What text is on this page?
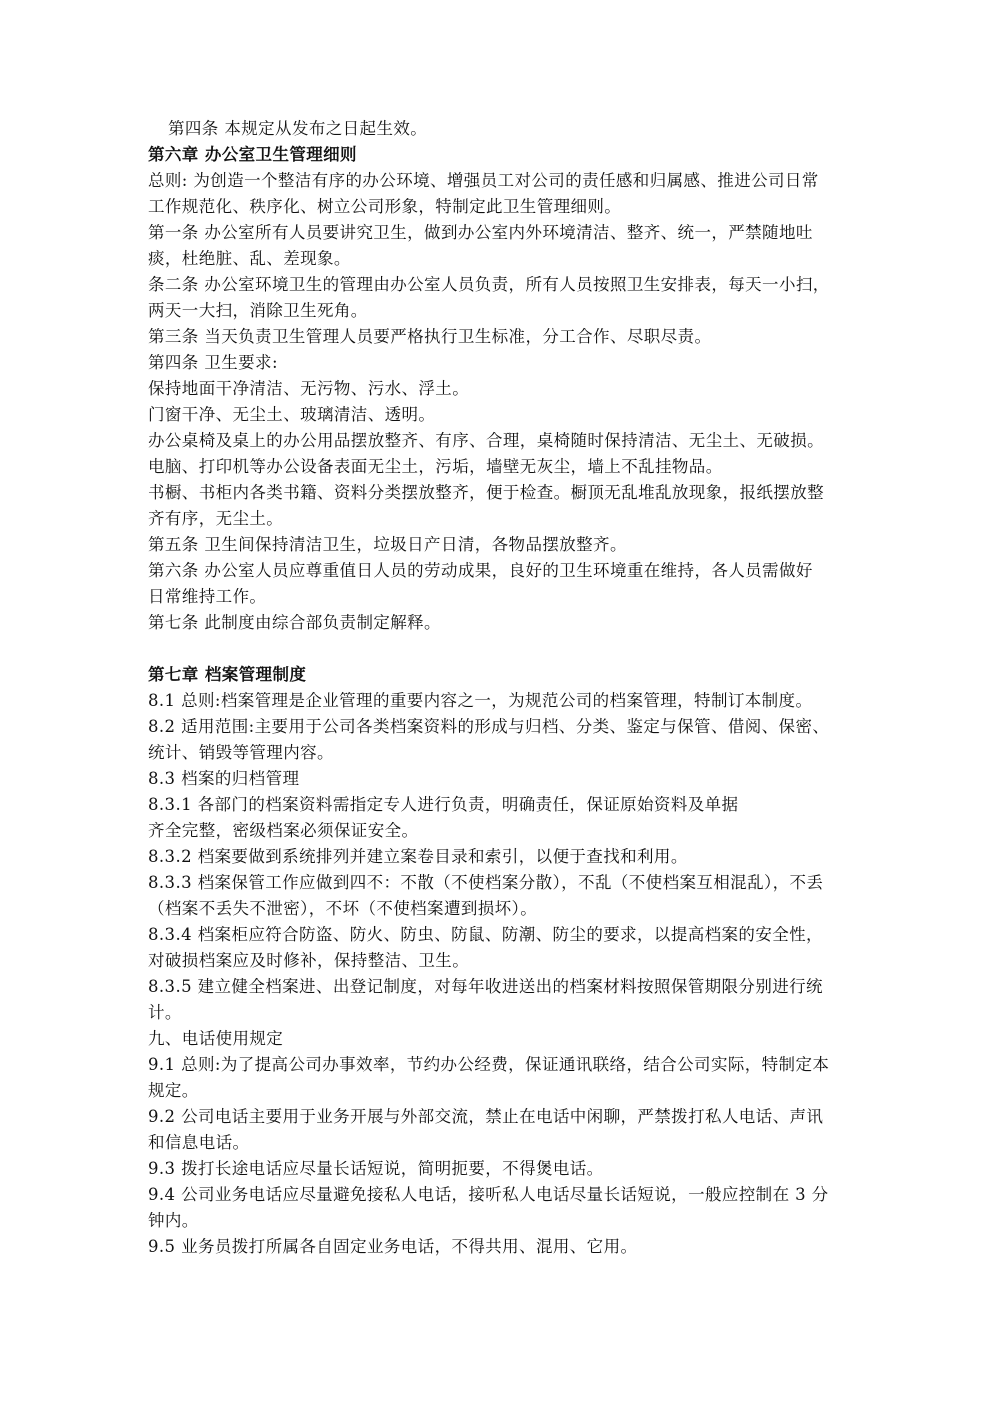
第四条 本规定从发布之日起生效。
第六章 办公室卫生管理细则
总则: 为创造一个整洁有序的办公环境、增强员工对公司的责任感和归属感、推进公司日常
工作规范化、秩序化、树立公司形象，特制定此卫生管理细则。
第一条 办公室所有人员要讲究卫生，做到办公室内外环境清洁、整齐、统一，严禁随地吐
痰，杜绝脏、乱、差现象。
条二条 办公室环境卫生的管理由办公室人员负责，所有人员按照卫生安排表，每天一小扫，
两天一大扫，消除卫生死角。
第三条 当天负责卫生管理人员要严格执行卫生标准，分工合作、尽职尽责。
第四条 卫生要求:
保持地面干净清洁、无污物、污水、浮土。
门窗干净、无尘土、玻璃清洁、透明。
办公桌椅及桌上的办公用品摆放整齐、有序、合理，桌椅随时保持清洁、无尘土、无破损。
电脑、打印机等办公设备表面无尘土，污垢，墙壁无灰尘，墙上不乱挂物品。
书橱、书柜内各类书籍、资料分类摆放整齐，便于检查。橱顶无乱堆乱放现象，报纸摆放整
齐有序，无尘土。
第五条 卫生间保持清洁卫生，垃圾日产日清，各物品摆放整齐。
第六条 办公室人员应尊重值日人员的劳动成果，良好的卫生环境重在维持，各人员需做好
日常维持工作。
第七条 此制度由综合部负责制定解释。
第七章 档案管理制度
8.1 总则:档案管理是企业管理的重要内容之一，为规范公司的档案管理，特制订本制度。
8.2 适用范围:主要用于公司各类档案资料的形成与归档、分类、鉴定与保管、借阅、保密、
统计、销毁等管理内容。
8.3 档案的归档管理
8.3.1 各部门的档案资料需指定专人进行负责，明确责任，保证原始资料及单据
齐全完整，密级档案必须保证安全。
8.3.2 档案要做到系统排列并建立案卷目录和索引，以便于查找和利用。
8.3.3 档案保管工作应做到四不：不散（不使档案分散），不乱（不使档案互相混乱），不丢
（档案不丢失不泄密），不坏（不使档案遭到损坏）。
8.3.4 档案柜应符合防盗、防火、防虫、防鼠、防潮、防尘的要求，以提高档案的安全性，
对破损档案应及时修补，保持整洁、卫生。
8.3.5 建立健全档案进、出登记制度，对每年收进送出的档案材料按照保管期限分别进行统
计。
九、电话使用规定
9.1 总则:为了提高公司办事效率，节约办公经费，保证通讯联络，结合公司实际，特制定本
规定。
9.2 公司电话主要用于业务开展与外部交流，禁止在电话中闲聊，严禁拨打私人电话、声讯
和信息电话。
9.3 拨打长途电话应尽量长话短说，简明扼要，不得煲电话。
9.4 公司业务电话应尽量避免接私人电话，接听私人电话尽量长话短说，一般应控制在 3 分
钟内。
9.5 业务员拨打所属各自固定业务电话，不得共用、混用、它用。
